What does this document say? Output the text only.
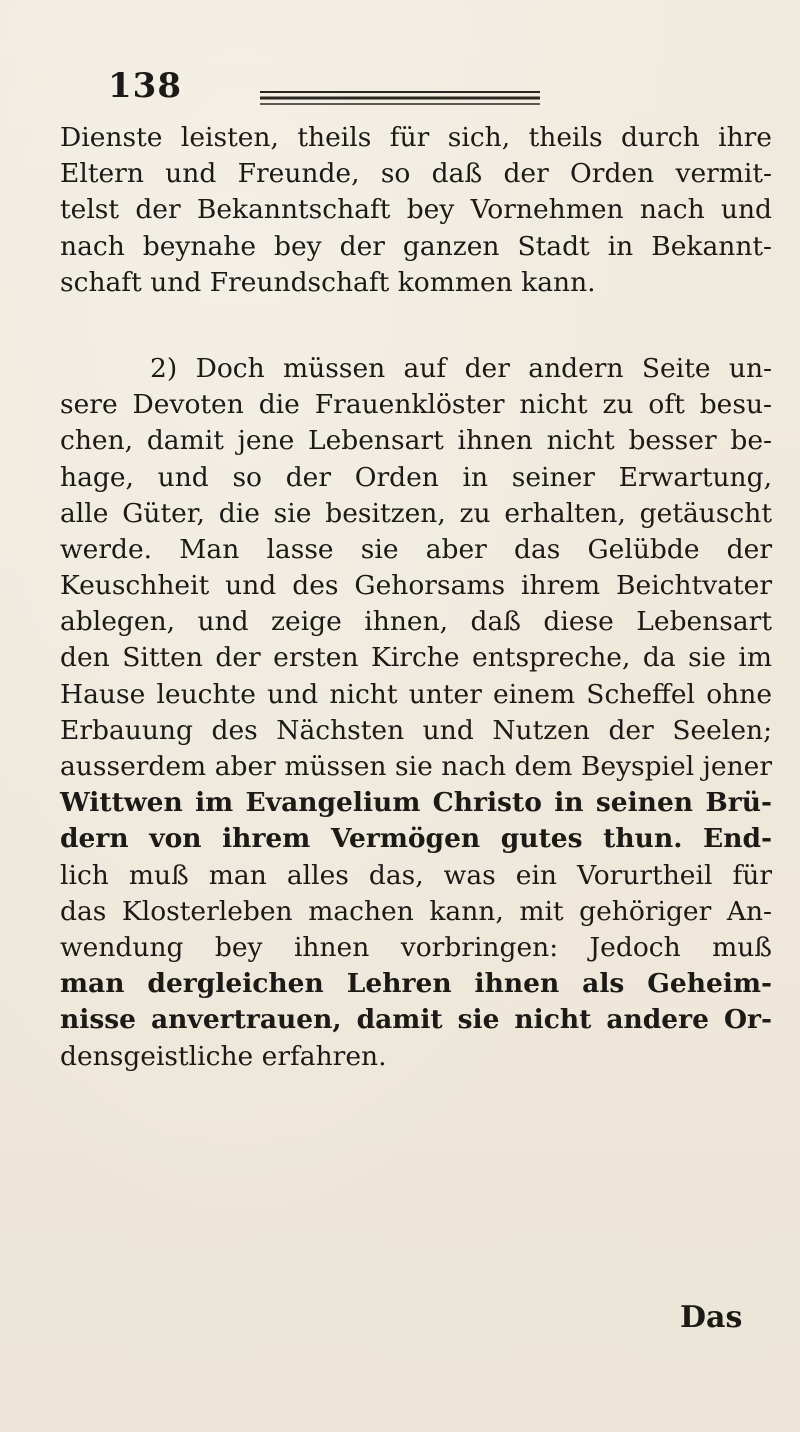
138
Dienste leisten, theils für sich, theils durch ihre
Eltern und Freunde, so daß der Orden vermit-
telst der Bekanntschaft bey Vornehmen nach und
nach beynahe bey der ganzen Stadt in Bekannt-
schaft und Freundschaft kommen kann.
2) Doch müssen auf der andern Seite un-
sere Devoten die Frauenklöster nicht zu oft besu-
chen, damit jene Lebensart ihnen nicht besser be-
hage, und so der Orden in seiner Erwartung,
alle Güter, die sie besitzen, zu erhalten, getäuscht
werde. Man lasse sie aber das Gelübde der
Keuschheit und des Gehorsams ihrem Beichtvater
ablegen, und zeige ihnen, daß diese Lebensart
den Sitten der ersten Kirche entspreche, da sie im
Hause leuchte und nicht unter einem Scheffel ohne
Erbauung des Nächsten und Nutzen der Seelen;
ausserdem aber müssen sie nach dem Beyspiel jener
Wittwen im Evangelium Christo in seinen Brü-
dern von ihrem Vermögen gutes thun. End-
lich muß man alles das, was ein Vorurtheil für
das Klosterleben machen kann, mit gehöriger An-
wendung bey ihnen vorbringen: Jedoch muß
man dergleichen Lehren ihnen als Geheim-
nisse anvertrauen, damit sie nicht andere Or-
densgeistliche erfahren.
Das
